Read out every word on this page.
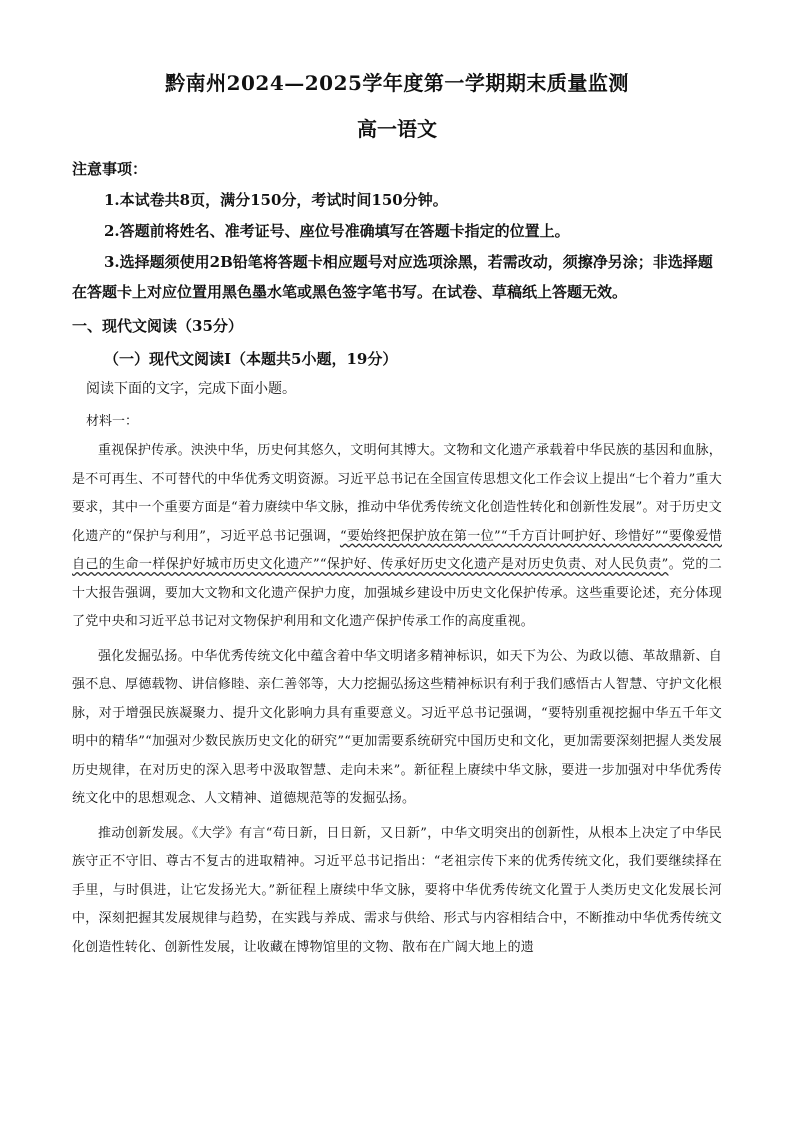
黔南州2024—2025学年度第一学期期末质量监测
高一语文
注意事项：
1.本试卷共8页，满分150分，考试时间150分钟。
2.答题前将姓名、准考证号、座位号准确填写在答题卡指定的位置上。
3.选择题须使用2B铅笔将答题卡相应题号对应选项涂黑，若需改动，须擦净另涂；非选择题在答题卡上对应位置用黑色墨水笔或黑色签字笔书写。在试卷、草稿纸上答题无效。
一、现代文阅读（35分）
（一）现代文阅读Ⅰ（本题共5小题，19分）
阅读下面的文字，完成下面小题。
材料一：

重视保护传承。泱泱中华，历史何其悠久，文明何其博大。文物和文化遗产承载着中华民族的基因和血脉，是不可再生、不可替代的中华优秀文明资源。习近平总书记在全国宣传思想文化工作会议上提出“七个着力”重大要求，其中一个重要方面是“着力赓续中华文脉，推动中华优秀传统文化创造性转化和创新性发展”。对于历史文化遗产的“保护与利用”，习近平总书记强调，“要始终把保护放在第一位”“千方百计呵护好、珍惜好”“要像爱惜自己的生命一样保护好城市历史文化遗产”“保护好、传承好历史文化遗产是对历史负责、对人民负责”。党的二十大报告强调，要加大文物和文化遗产保护力度，加强城乡建设中历史文化保护传承。这些重要论述，充分体现了党中央和习近平总书记对文物保护利用和文化遗产保护传承工作的高度重视。

强化发掘弘扬。中华优秀传统文化中蕴含着中华文明诸多精神标识，如天下为公、为政以德、革故鼎新、自强不息、厚德载物、讲信修睦、亲仁善邻等，大力挖掘弘扬这些精神标识有利于我们感悟古人智慧、守护文化根脉，对于增强民族凝聚力、提升文化影响力具有重要意义。习近平总书记强调，“要特别重视挖掘中华五千年文明中的精华”“加强对少数民族历史文化的研究”“更加需要系统研究中国历史和文化，更加需要深刻把握人类发展历史规律，在对历史的深入思考中汲取智慧、走向未来”。新征程上赓续中华文脉，要进一步加强对中华优秀传统文化中的思想观念、人文精神、道德规范等的发掘弘扬。

推动创新发展。《大学》有言“苟日新，日日新，又日新”，中华文明突出的创新性，从根本上决定了中华民族守正不守旧、尊古不复古的进取精神。习近平总书记指出：“老祖宗传下来的优秀传统文化，我们要继续择在手里，与时俱进，让它发扬光大。”新征程上赓续中华文脉，要将中华优秀传统文化置于人类历史文化发展长河中，深刻把握其发展规律与趋势，在实践与养成、需求与供给、形式与内容相结合中，不断推动中华优秀传统文化创造性转化、创新性发展，让收藏在博物馆里的文物、散布在广阔大地上的遗
